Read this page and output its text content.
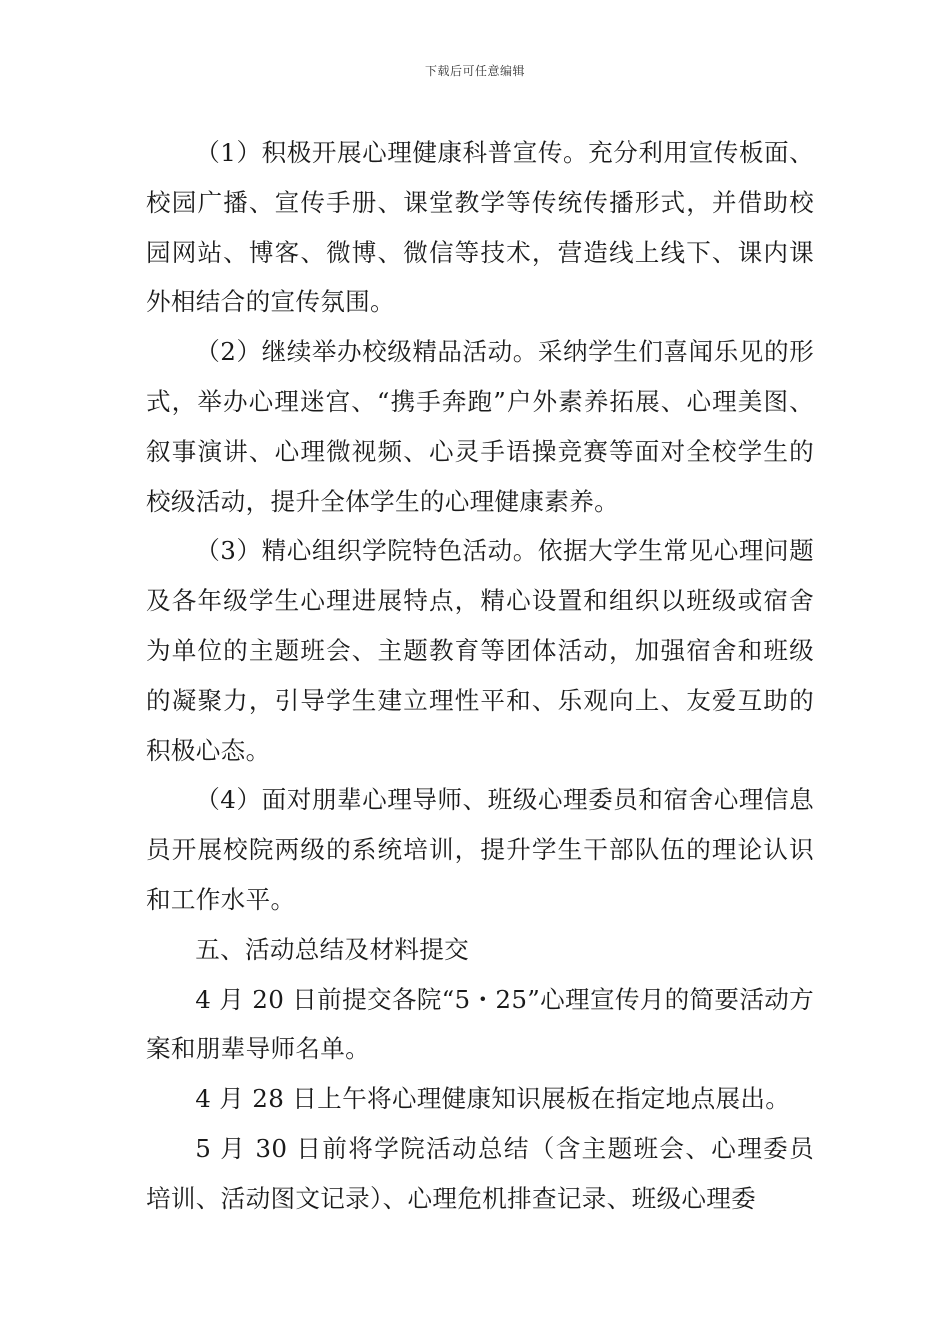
下载后可任意编辑

（1）积极开展心理健康科普宣传。充分利用宣传板面、校园广播、宣传手册、课堂教学等传统传播形式，并借助校园网站、博客、微博、微信等技术，营造线上线下、课内课外相结合的宣传氛围。

（2）继续举办校级精品活动。采纳学生们喜闻乐见的形式，举办心理迷宫、“携手奔跑”户外素养拓展、心理美图、叙事演讲、心理微视频、心灵手语操竞赛等面对全校学生的校级活动，提升全体学生的心理健康素养。

（3）精心组织学院特色活动。依据大学生常见心理问题及各年级学生心理进展特点，精心设置和组织以班级或宿舍为单位的主题班会、主题教育等团体活动，加强宿舍和班级的凝聚力，引导学生建立理性平和、乐观向上、友爱互助的积极心态。

（4）面对朋辈心理导师、班级心理委员和宿舍心理信息员开展校院两级的系统培训，提升学生干部队伍的理论认识和工作水平。

五、活动总结及材料提交

4 月 20 日前提交各院“5・25”心理宣传月的简要活动方案和朋辈导师名单。

4 月 28 日上午将心理健康知识展板在指定地点展出。

5 月 30 日前将学院活动总结（含主题班会、心理委员培训、活动图文记录）、心理危机排查记录、班级心理委
